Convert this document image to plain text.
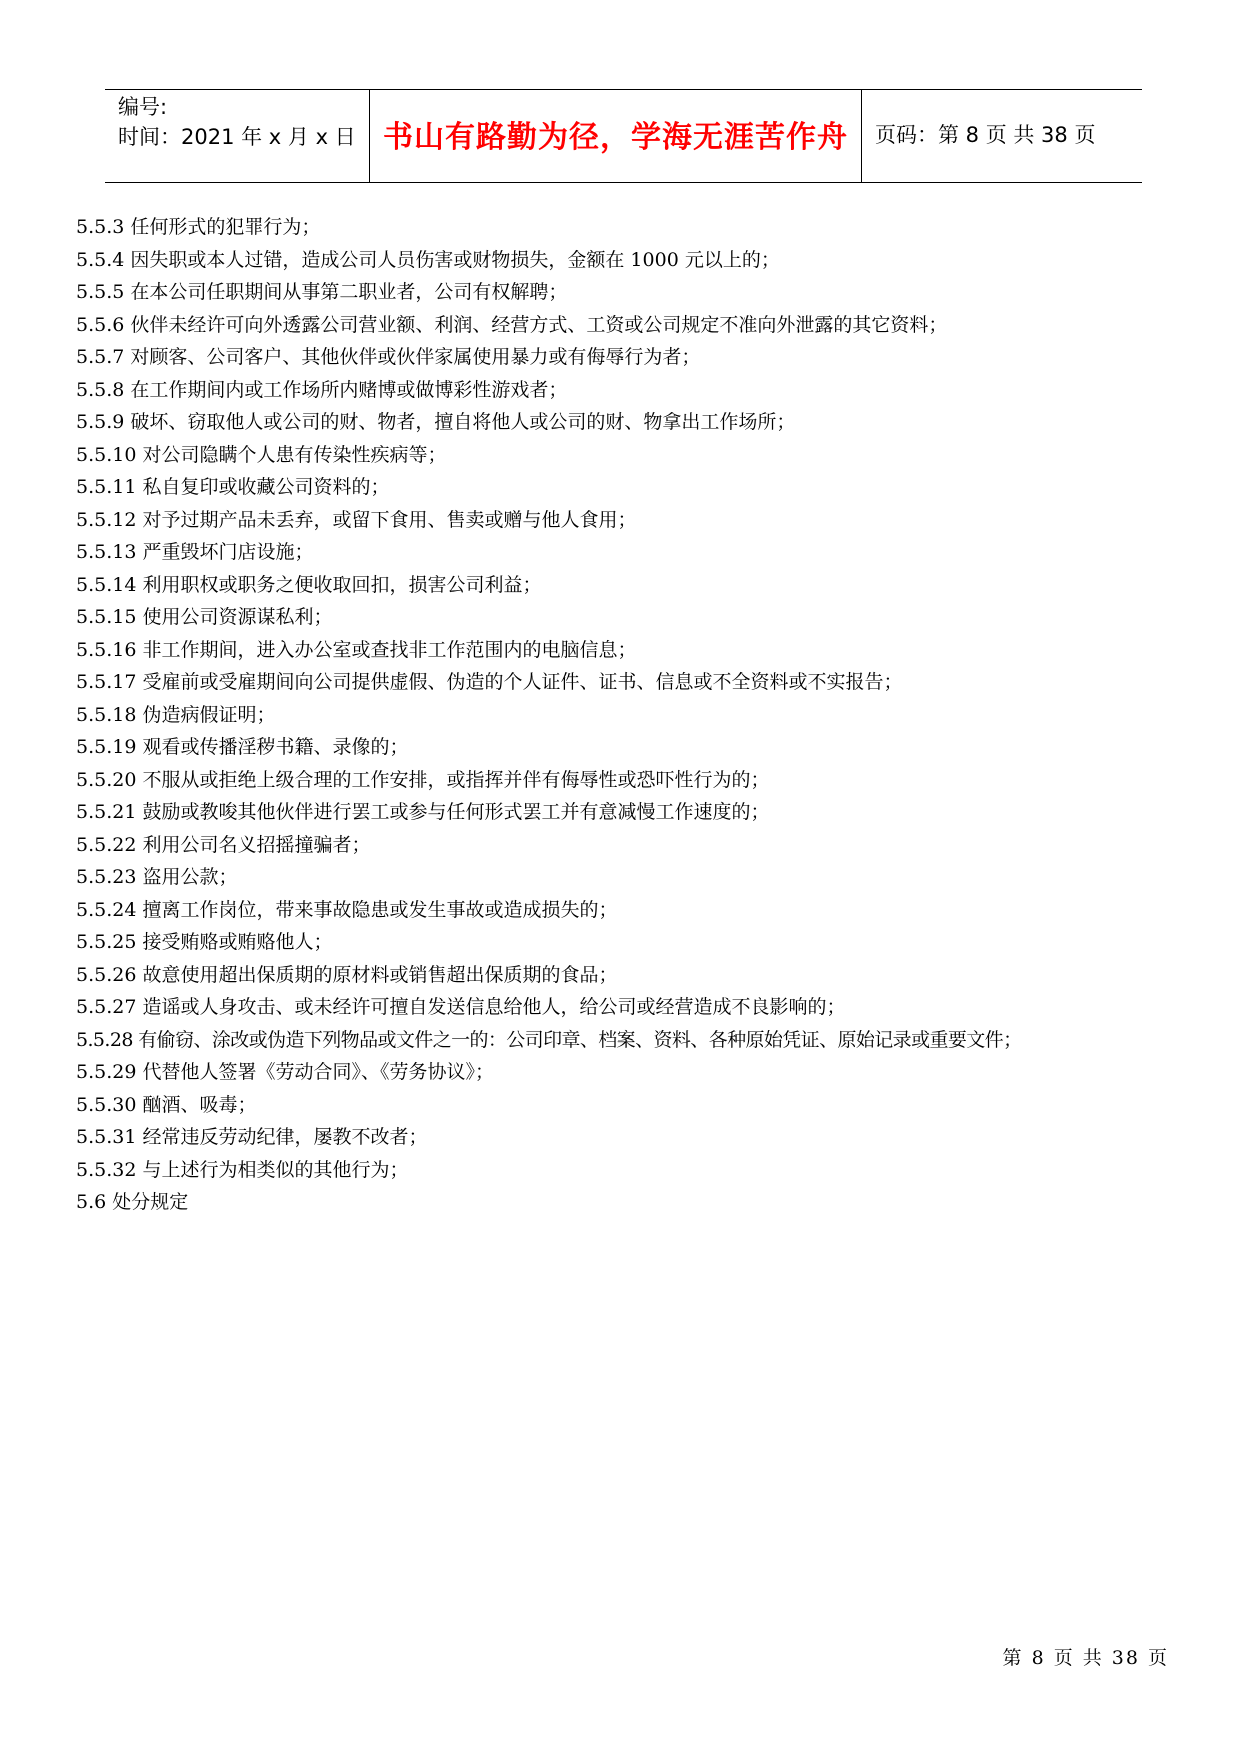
编号:
时间：2021 年 x 月 x 日 书山有路勤为径，学海无涯苦作舟	页码：第 8 页 共 38 页
5.5.3 任何形式的犯罪行为；
5.5.4 因失职或本人过错，造成公司人员伤害或财物损失，金额在 1000 元以上的；
5.5.5 在本公司任职期间从事第二职业者，公司有权解聘；
5.5.6 伙伴未经许可向外透露公司营业额、利润、经营方式、工资或公司规定不准向外泄露的其它资料；
5.5.7 对顾客、公司客户、其他伙伴或伙伴家属使用暴力或有侮辱行为者；
5.5.8 在工作期间内或工作场所内赌博或做博彩性游戏者；
5.5.9 破坏、窃取他人或公司的财、物者，擅自将他人或公司的财、物拿出工作场所；
5.5.10 对公司隐瞒个人患有传染性疾病等；
5.5.11 私自复印或收藏公司资料的；
5.5.12 对予过期产品未丢弃，或留下食用、售卖或赠与他人食用；
5.5.13 严重毁坏门店设施；
5.5.14 利用职权或职务之便收取回扣，损害公司利益；
5.5.15 使用公司资源谋私利；
5.5.16 非工作期间，进入办公室或查找非工作范围内的电脑信息；
5.5.17 受雇前或受雇期间向公司提供虚假、伪造的个人证件、证书、信息或不全资料或不实报告；
5.5.18 伪造病假证明；
5.5.19 观看或传播淫秽书籍、录像的；
5.5.20 不服从或拒绝上级合理的工作安排，或指挥并伴有侮辱性或恐吓性行为的；
5.5.21 鼓励或教唆其他伙伴进行罢工或参与任何形式罢工并有意减慢工作速度的；
5.5.22 利用公司名义招摇撞骗者；
5.5.23 盗用公款；
5.5.24 擅离工作岗位，带来事故隐患或发生事故或造成损失的；
5.5.25 接受贿赂或贿赂他人；
5.5.26 故意使用超出保质期的原材料或销售超出保质期的食品；
5.5.27 造谣或人身攻击、或未经许可擅自发送信息给他人，给公司或经营造成不良影响的；
5.5.28 有偷窃、涂改或伪造下列物品或文件之一的：公司印章、档案、资料、各种原始凭证、原始记录或重要文件；
5.5.29 代替他人签署《劳动合同》、《劳务协议》；
5.5.30 酗酒、吸毒；
5.5.31 经常违反劳动纪律，屡教不改者；
5.5.32 与上述行为相类似的其他行为；
5.6 处分规定
第 8 页 共 38 页
